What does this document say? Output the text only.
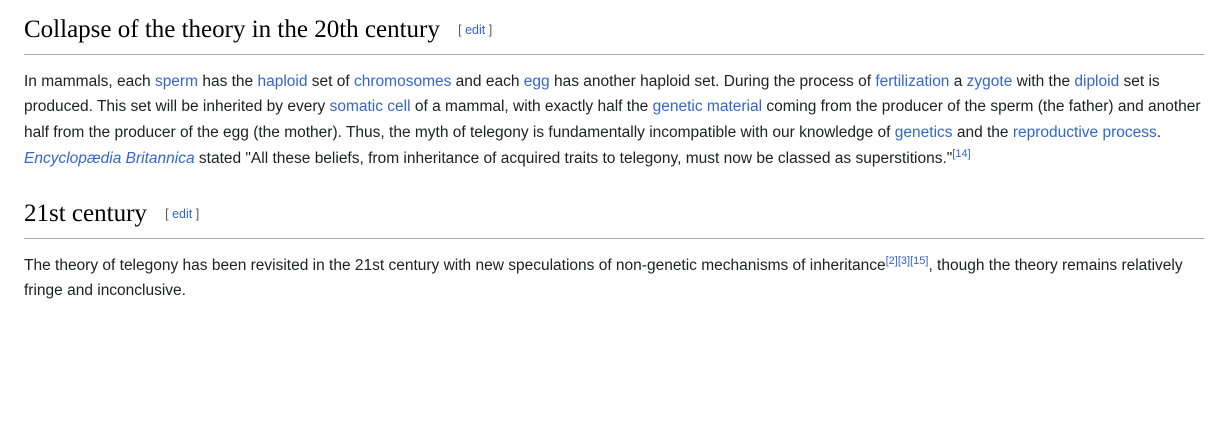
Collapse of the theory in the 20th century [ edit ]

In mammals, each sperm has the haploid set of chromosomes and each egg has another haploid set. During the process of fertilization a zygote with the diploid set is produced. This set will be inherited by every somatic cell of a mammal, with exactly half the genetic material coming from the producer of the sperm (the father) and another half from the producer of the egg (the mother). Thus, the myth of telegony is fundamentally incompatible with our knowledge of genetics and the reproductive process. Encyclopædia Britannica stated "All these beliefs, from inheritance of acquired traits to telegony, must now be classed as superstitions."[14]

21st century [ edit ]

The theory of telegony has been revisited in the 21st century with new speculations of non-genetic mechanisms of inheritance[2][3][15], though the theory remains relatively fringe and inconclusive.
